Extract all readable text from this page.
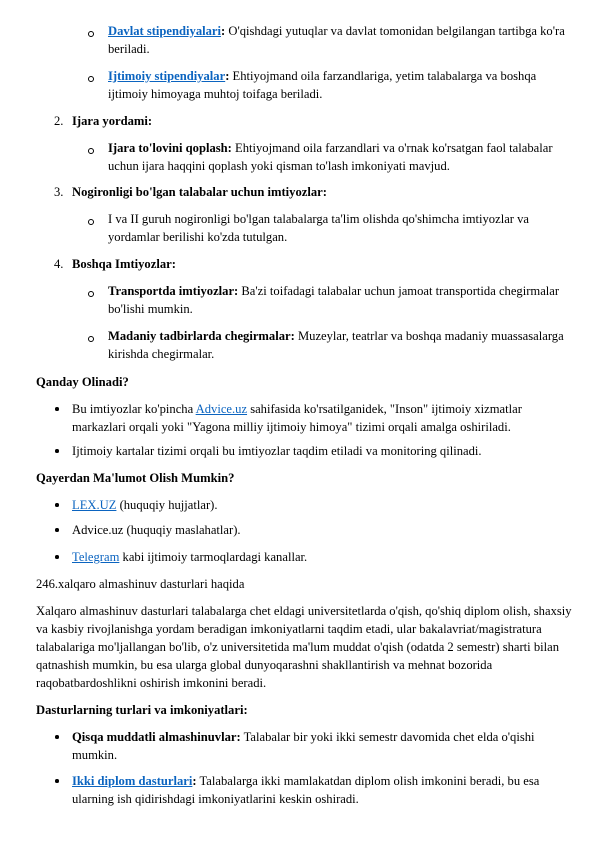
Davlat stipendiyalari: O'qishdagi yutuqlar va davlat tomonidan belgilangan tartibga ko'ra beriladi.
Ijtimoiy stipendiyalar: Ehtiyojmand oila farzandlariga, yetim talabalarga va boshqa ijtimoiy himoyaga muhtoj toifaga beriladi.
2. Ijara yordami:
Ijara to'lovini qoplash: Ehtiyojmand oila farzandlari va o'rnak ko'rsatgan faol talabalar uchun ijara haqqini qoplash yoki qisman to'lash imkoniyati mavjud.
3. Nogironligi bo'lgan talabalar uchun imtiyozlar:
I va II guruh nogironligi bo'lgan talabalarga ta'lim olishda qo'shimcha imtiyozlar va yordamlar berilishi ko'zda tutulgan.
4. Boshqa Imtiyozlar:
Transportda imtiyozlar: Ba'zi toifadagi talabalar uchun jamoat transportida chegirmalar bo'lishi mumkin.
Madaniy tadbirlarda chegirmalar: Muzeylar, teatrlar va boshqa madaniy muassasalarga kirishda chegirmalar.
Qanday Olinadi?
Bu imtiyozlar ko'pincha Advice.uz sahifasida ko'rsatilganidek, "Inson" ijtimoiy xizmatlar markazlari orqali yoki "Yagona milliy ijtimoiy himoya" tizimi orqali amalga oshiriladi.
Ijtimoiy kartalar tizimi orqali bu imtiyozlar taqdim etiladi va monitoring qilinadi.
Qayerdan Ma'lumot Olish Mumkin?
LEX.UZ (huquqiy hujjatlar).
Advice.uz (huquqiy maslahatlar).
Telegram kabi ijtimoiy tarmoqlardagi kanallar.
246.xalqaro almashinuv dasturlari haqida
Xalqaro almashinuv dasturlari talabalarga chet eldagi universitetlarda o'qish, qo'shiq diplom olish, shaxsiy va kasbiy rivojlanishga yordam beradigan imkoniyatlarni taqdim etadi, ular bakalavriat/magistratura talabalariga mo'ljallangan bo'lib, o'z universitetida ma'lum muddat o'qish (odatda 2 semestr) sharti bilan qatnashish mumkin, bu esa ularga global dunyoqarashni shakllantirish va mehnat bozorida raqobatbardoshlikni oshirish imkonini beradi.
Dasturlarning turlari va imkoniyatlari:
Qisqa muddatli almashinuvlar: Talabalar bir yoki ikki semestr davomida chet elda o'qishi mumkin.
Ikki diplom dasturlari: Talabalarga ikki mamlakatdan diplom olish imkonini beradi, bu esa ularning ish qidirishdagi imkoniyatlarini keskin oshiradi.
